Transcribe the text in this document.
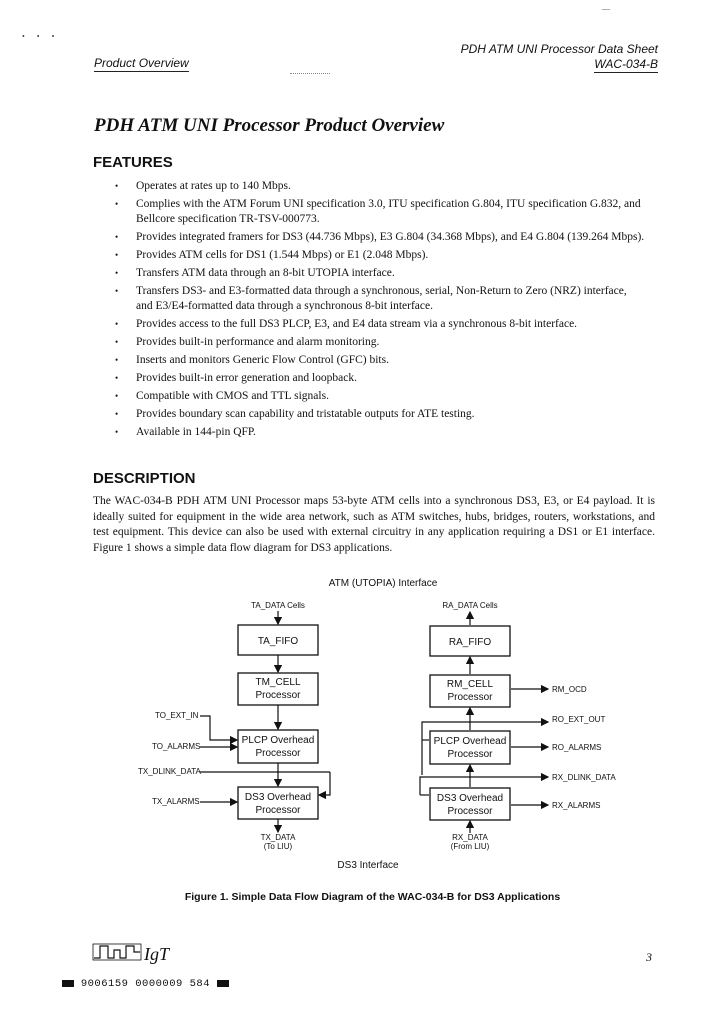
•      •      •
—
Product Overview
PDH ATM UNI Processor Data Sheet
WAC-034-B
PDH ATM UNI Processor Product Overview
FEATURES
• Operates at rates up to 140 Mbps.
• Complies with the ATM Forum UNI specification 3.0, ITU specification G.804, ITU specification G.832, and Bellcore specification TR-TSV-000773.
• Provides integrated framers for DS3 (44.736 Mbps), E3 G.804 (34.368 Mbps), and E4 G.804 (139.264 Mbps).
• Provides ATM cells for DS1 (1.544 Mbps) or E1 (2.048 Mbps).
• Transfers ATM data through an 8-bit UTOPIA interface.
• Transfers DS3- and E3-formatted data through a synchronous, serial, Non-Return to Zero (NRZ) interface, and E3/E4-formatted data through a synchronous 8-bit interface.
• Provides access to the full DS3 PLCP, E3, and E4 data stream via a synchronous 8-bit interface.
• Provides built-in performance and alarm monitoring.
• Inserts and monitors Generic Flow Control (GFC) bits.
• Provides built-in error generation and loopback.
• Compatible with CMOS and TTL signals.
• Provides boundary scan capability and tristatable outputs for ATE testing.
• Available in 144-pin QFP.
DESCRIPTION

The WAC-034-B PDH ATM UNI Processor maps 53-byte ATM cells into a synchronous DS3, E3, or E4 payload. It is ideally suited for equipment in the wide area network, such as ATM switches, hubs, bridges, routers, workstations, and test equipment. This device can also be used with external circuitry in any application requiring a DS1 or E1 interface. Figure 1 shows a simple data flow diagram for DS3 applications.

ATM (UTOPIA) Interface
TA_DATA Cells
TA_FIFO
TM_CELL
Processor
PLCP Overhead
Processor
DS3 Overhead
Processor
TX_DATA
(To LIU)
TO_EXT_IN
TO_ALARMS
TX_DLINK_DATA
TX_ALARMS
RA_DATA Cells
RA_FIFO
RM_CELL
Processor
PLCP Overhead
Processor
DS3 Overhead
Processor
RX_DATA
(From LIU)
RM_OCD
RO_EXT_OUT
RO_ALARMS
RX_DLINK_DATA
RX_ALARMS
DS3 Interface
Figure 1. Simple Data Flow Diagram of the WAC-034-B for DS3 Applications
IgT	3
9006159 0000009 584
